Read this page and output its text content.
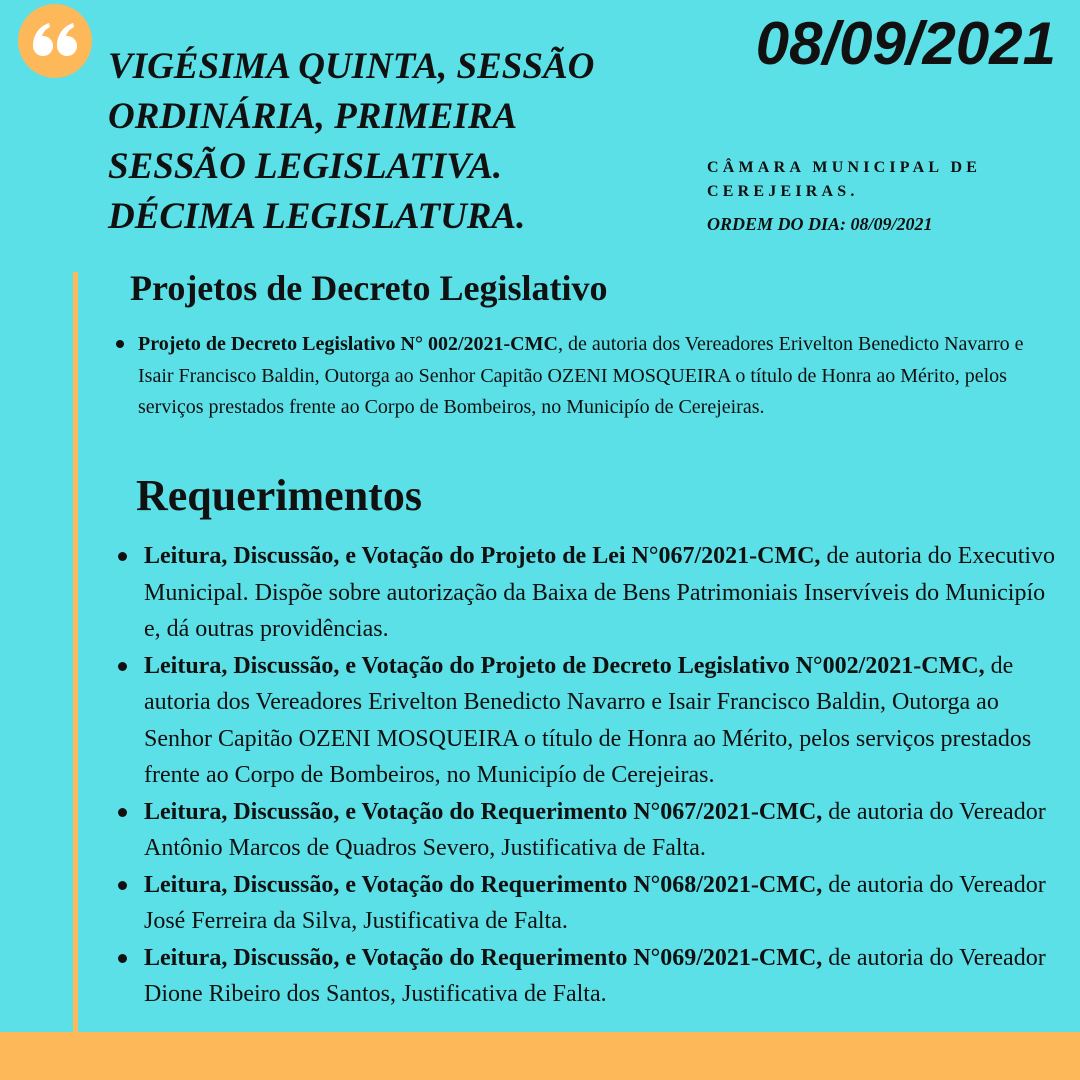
VIGÉSIMA QUINTA, SESSÃO
ORDINÁRIA, PRIMEIRA
SESSÃO LEGISLATIVA.
DÉCIMA LEGISLATURA.
08/09/2021
CÂMARA MUNICIPAL DE
CEREJEIRAS.
ORDEM DO DIA: 08/09/2021
Projetos de Decreto Legislativo
Projeto de Decreto Legislativo N° 002/2021-CMC, de autoria dos Vereadores Erivelton Benedicto Navarro e Isair Francisco Baldin, Outorga ao Senhor Capitão OZENI MOSQUEIRA o título de Honra ao Mérito, pelos serviços prestados frente ao Corpo de Bombeiros, no Municipío de Cerejeiras.
Requerimentos
Leitura, Discussão, e Votação do Projeto de Lei N°067/2021-CMC, de autoria do Executivo Municipal. Dispõe sobre autorização da Baixa de Bens Patrimoniais Inservíveis do Municipío e, dá outras providências.
Leitura, Discussão, e Votação do Projeto de Decreto Legislativo N°002/2021-CMC, de autoria dos Vereadores Erivelton Benedicto Navarro e Isair Francisco Baldin, Outorga ao Senhor Capitão OZENI MOSQUEIRA o título de Honra ao Mérito, pelos serviços prestados frente ao Corpo de Bombeiros, no Municipío de Cerejeiras.
Leitura, Discussão, e Votação do Requerimento N°067/2021-CMC, de autoria do Vereador Antônio Marcos de Quadros Severo, Justificativa de Falta.
Leitura, Discussão, e Votação do Requerimento N°068/2021-CMC, de autoria do Vereador José Ferreira da Silva, Justificativa de Falta.
Leitura, Discussão, e Votação do Requerimento N°069/2021-CMC, de autoria do Vereador Dione Ribeiro dos Santos, Justificativa de Falta.
